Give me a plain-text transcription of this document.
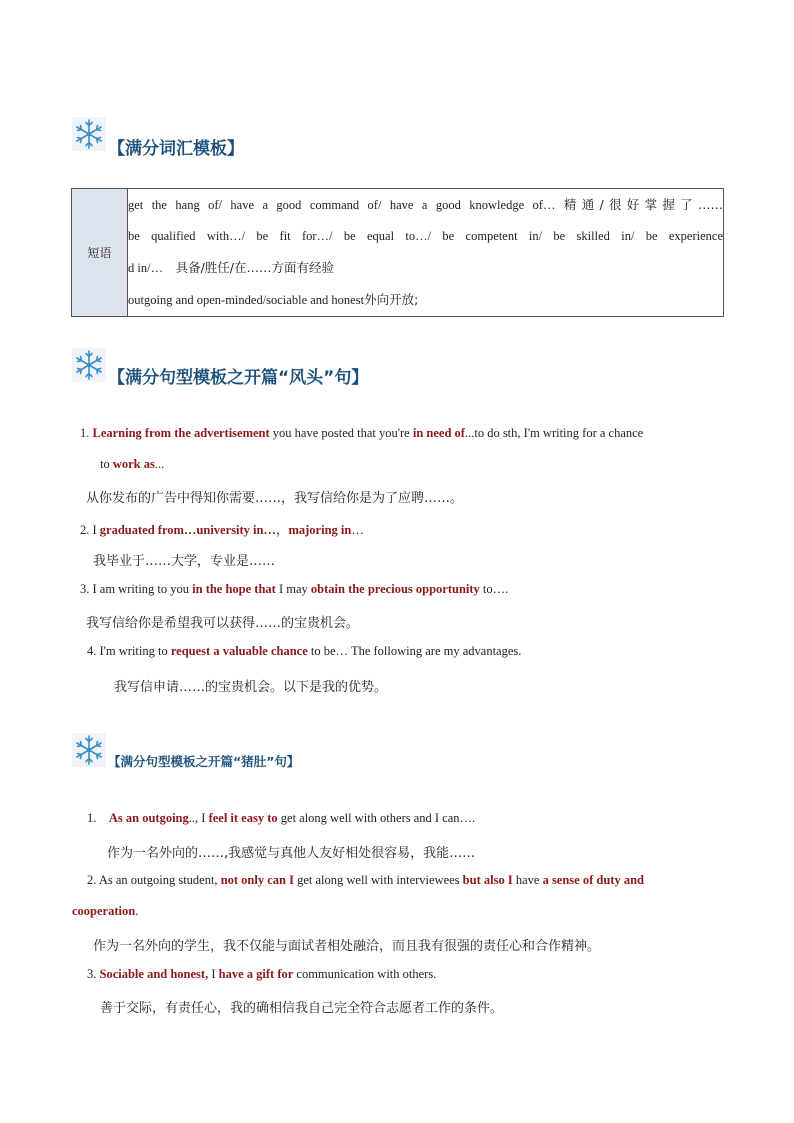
【满分词汇模板】
短语	
get the hang of/ have a good command of/ have a good knowledge of… 精通/很好掌握了……
be qualified with…/ be fit for…/ be equal to…/ be competent in/ be skilled in/ be experience
d in/… 具备/胜任/在……方面有经验
outgoing and open-minded/sociable and honest外向开放;
【满分句型模板之开篇“风头”句】
1. Learning from the advertisement you have posted that you're in need of...to do sth, I'm writing for a chance
to work as...
从你发布的广告中得知你需要……，我写信给你是为了应聘……。
2. I graduated from…university in…，majoring in…
我毕业于……大学，专业是……
3. I am writing to you in the hope that I may obtain the precious opportunity to….
我写信给你是希望我可以获得……的宝贵机会。
4. I'm writing to request a valuable chance to be… The following are my advantages.
我写信申请……的宝贵机会。以下是我的优势。
【满分句型模板之开篇“猪肚”句】
1. As an outgoing.., I feel it easy to get along well with others and I can….
作为一名外向的……,我感觉与真他人友好相处很容易，我能……
2. As an outgoing student, not only can I get along well with interviewees but also I have a sense of duty and
cooperation.
作为一名外向的学生，我不仅能与面试者相处融洽，而且我有很强的责任心和合作精神。
3. Sociable and honest, I have a gift for communication with others.
善于交际，有责任心，我的确相信我自己完全符合志愿者工作的条件。
